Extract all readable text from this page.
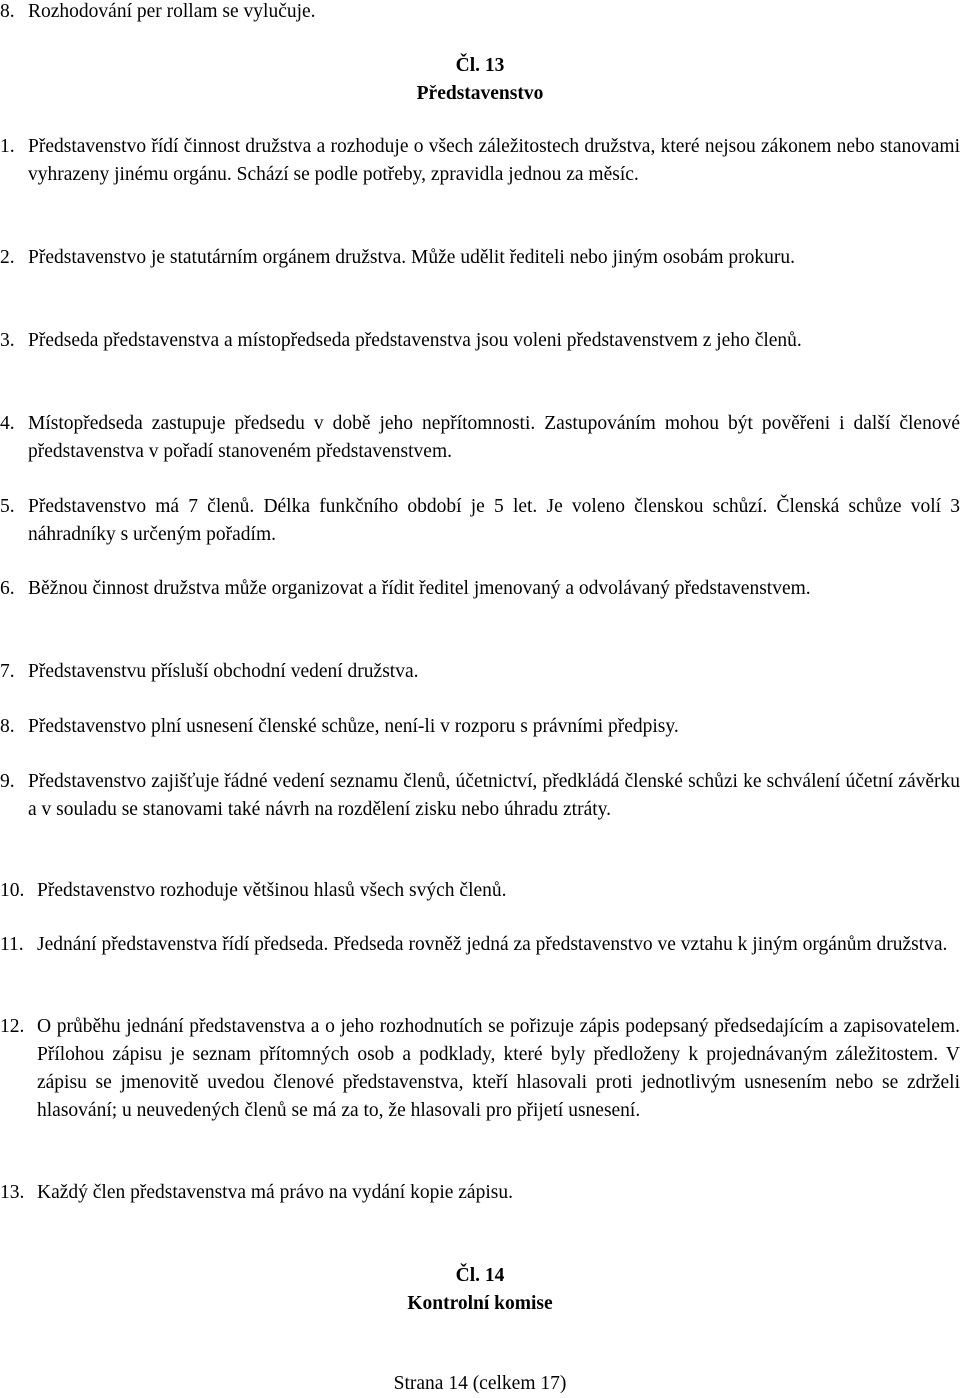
8. Rozhodování per rollam se vylučuje.
Čl. 13
Představenstvo
1. Představenstvo řídí činnost družstva a rozhoduje o všech záležitostech družstva, které nejsou zákonem nebo stanovami vyhrazeny jinému orgánu. Schází se podle potřeby, zpravidla jednou za měsíc.
2. Představenstvo je statutárním orgánem družstva. Může udělit řediteli nebo jiným osobám prokuru.
3. Předseda představenstva a místopředseda představenstva jsou voleni představenstvem z jeho členů.
4. Místopředseda zastupuje předsedu v době jeho nepřítomnosti. Zastupováním mohou být pověřeni i další členové představenstva v pořadí stanoveném představenstvem.
5. Představenstvo má 7 členů. Délka funkčního období je 5 let. Je voleno členskou schůzí. Členská schůze volí 3 náhradníky s určeným pořadím.
6. Běžnou činnost družstva může organizovat a řídit ředitel jmenovaný a odvolávaný představenstvem.
7. Představenstvu přísluší obchodní vedení družstva.
8. Představenstvo plní usnesení členské schůze, není-li v rozporu s právními předpisy.
9. Představenstvo zajišťuje řádné vedení seznamu členů, účetnictví, předkládá členské schůzi ke schválení účetní závěrku a v souladu se stanovami také návrh na rozdělení zisku nebo úhradu ztráty.
10. Představenstvo rozhoduje většinou hlasů všech svých členů.
11. Jednání představenstva řídí předseda. Předseda rovněž jedná za představenstvo ve vztahu k jiným orgánům družstva.
12. O průběhu jednání představenstva a o jeho rozhodnutích se pořizuje zápis podepsaný předsedajícím a zapisovatelem. Přílohou zápisu je seznam přítomných osob a podklady, které byly předloženy k projednávaným záležitostem. V zápisu se jmenovitě uvedou členové představenstva, kteří hlasovali proti jednotlivým usnesením nebo se zdrželi hlasování; u neuvedených členů se má za to, že hlasovali pro přijetí usnesení.
13. Každý člen představenstva má právo na vydání kopie zápisu.
Čl. 14
Kontrolní komise
Strana 14 (celkem 17)
